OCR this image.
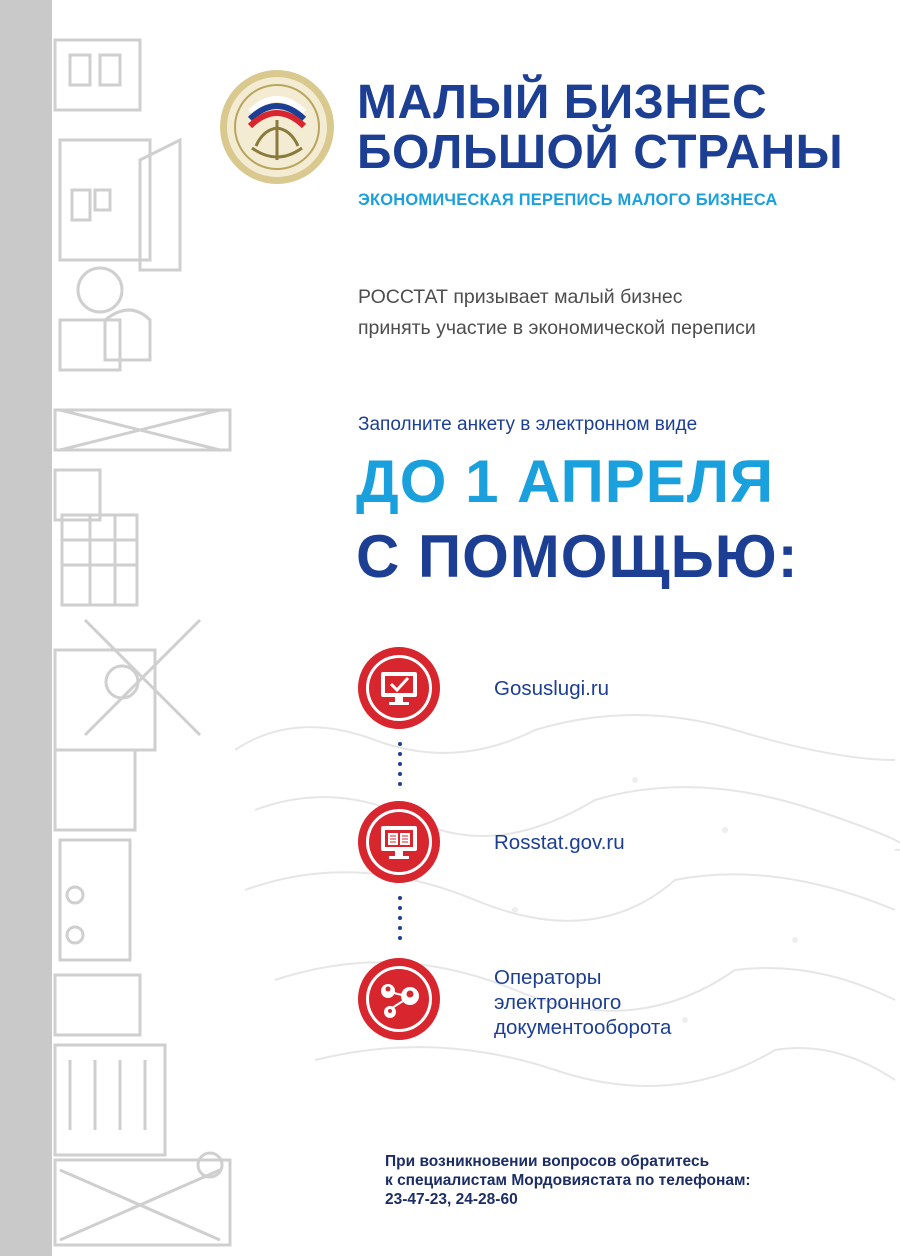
МАЛЫЙ БИЗНЕС
БОЛЬШОЙ СТРАНЫ
ЭКОНОМИЧЕСКАЯ ПЕРЕПИСЬ МАЛОГО БИЗНЕСА
РОССТАТ призывает малый бизнес
принять участие в экономической переписи
Заполните анкету в электронном виде
ДО 1 АПРЕЛЯ
С ПОМОЩЬЮ:
Gosuslugi.ru
Rosstat.gov.ru
Операторы
электронного
документооборота

При возникновении вопросов обратитесь
к специалистам Мордовиястата по телефонам:
23-47-23, 24-28-60
